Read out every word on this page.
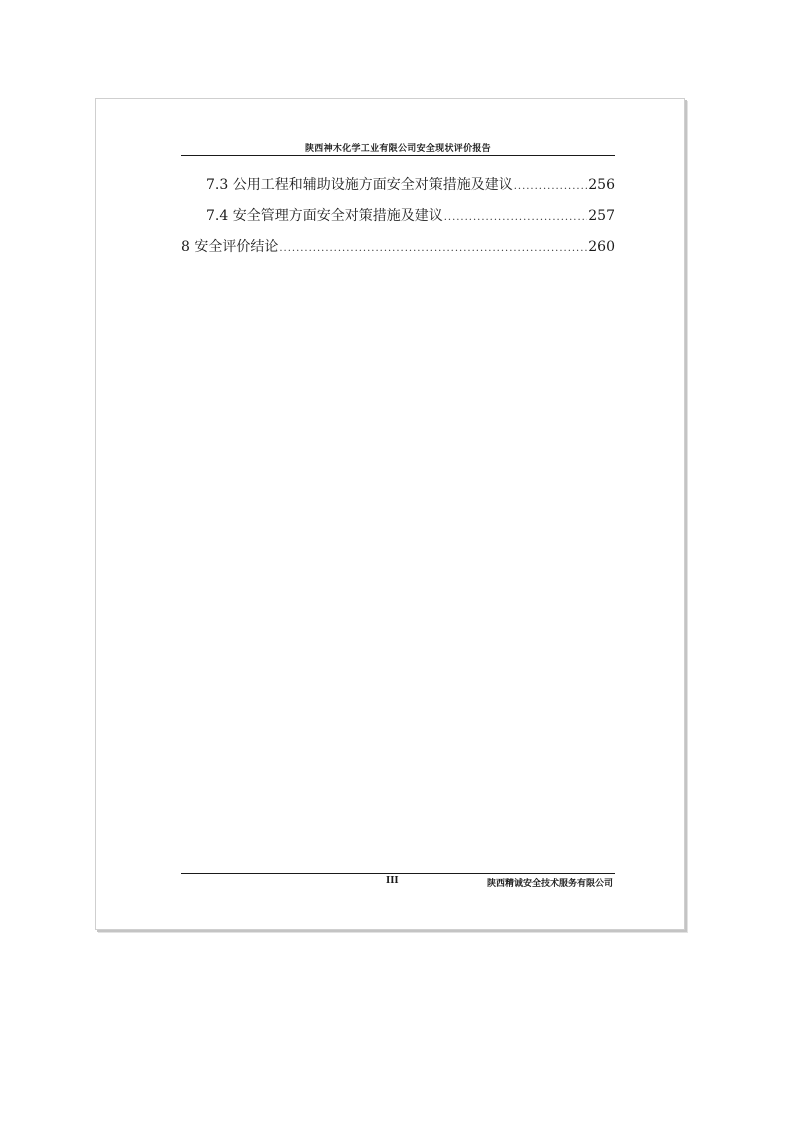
陕西神木化学工业有限公司安全现状评价报告
7.3 公用工程和辅助设施方面安全对策措施及建议 .....	256
7.4 安全管理方面安全对策措施及建议 .....	257
8 安全评价结论 .....	260
III	陕西精诚安全技术服务有限公司
